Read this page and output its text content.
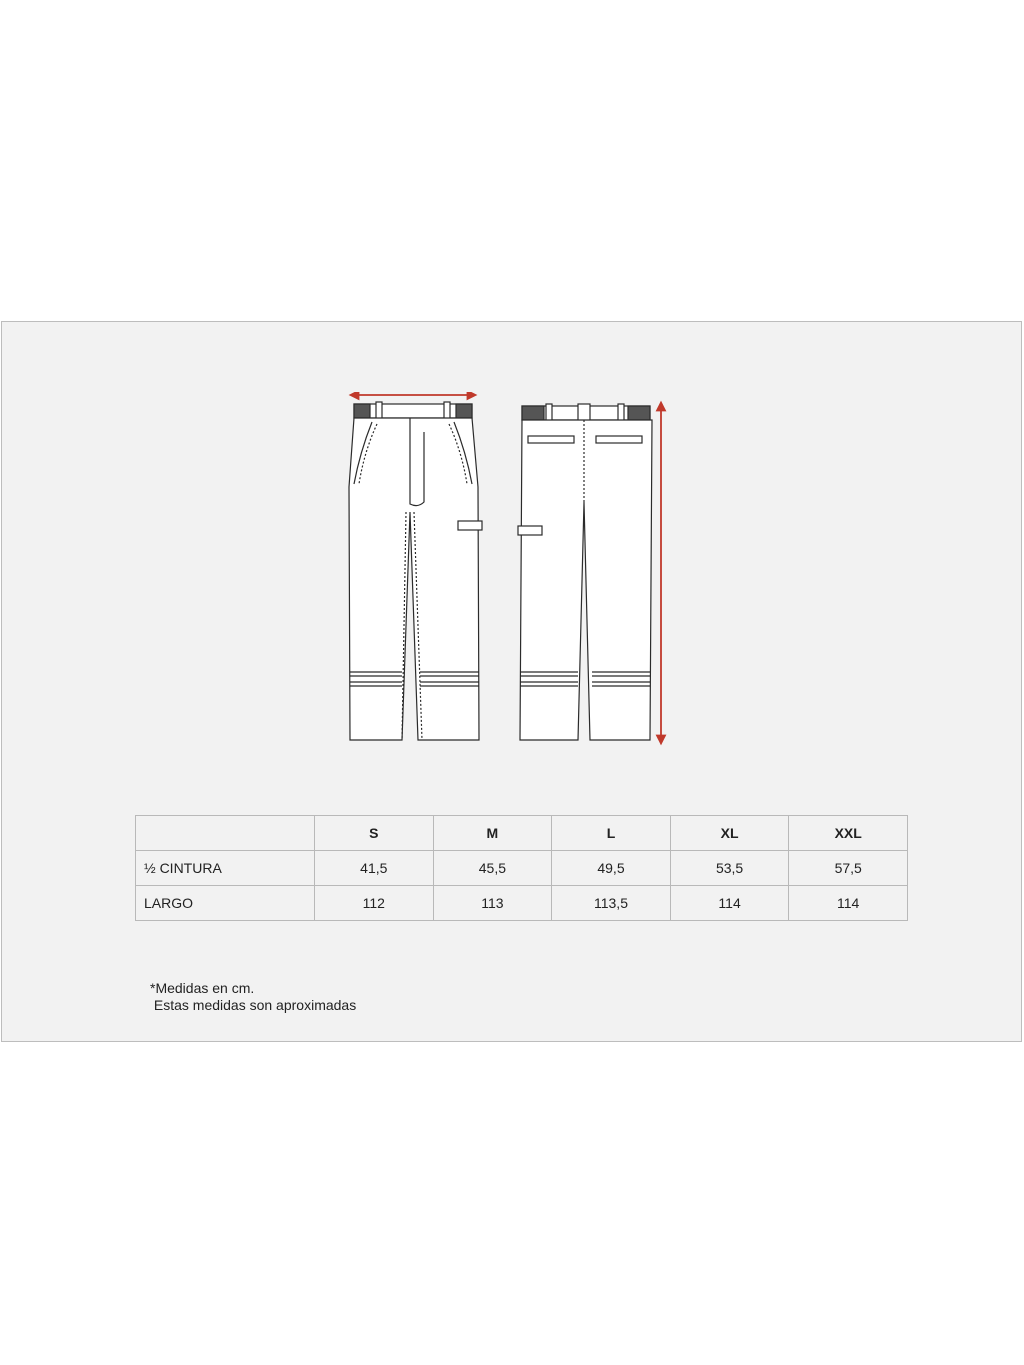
	S	M	L	XL	XXL
½ CINTURA	41,5	45,5	49,5	53,5	57,5
LARGO	112	113	113,5	114	114
*Medidas en cm.
Estas medidas son aproximadas
